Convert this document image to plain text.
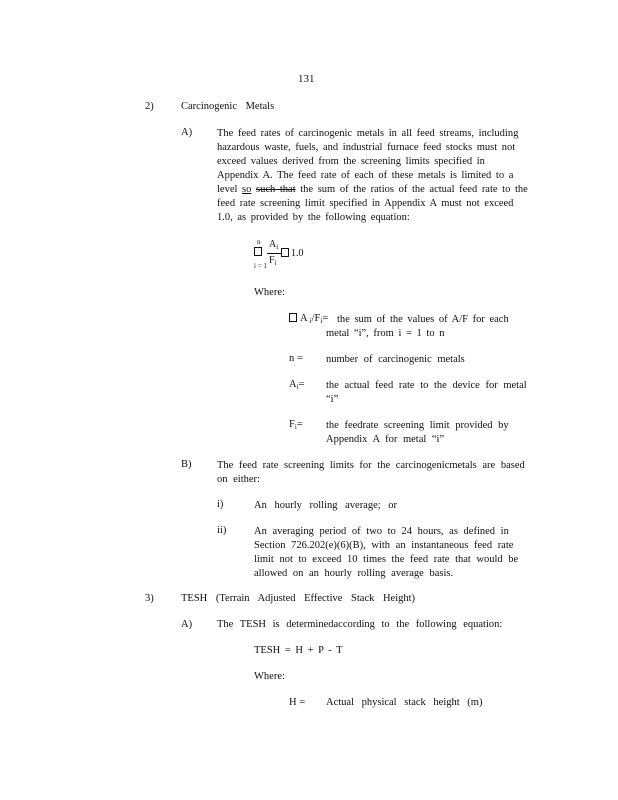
131
2)	Carcinogenic Metals
A) The feed rates of carcinogenic metals in all feed streams, including
hazardous waste, fuels, and industrial furnace feed stocks must not
exceed values derived from the screening limits specified in
Appendix A. The feed rate of each of these metals is limited to a
level so such that the sum of the ratios of the actual feed rate to the
feed rate screening limit specified in Appendix A must not exceed
1.0, as provided by the following equation:
n
i = 1
$A_i$
$F_i$
1.0
Where:
A $_i/F_i=$ the sum of the values of A/F for each
metal “i”, from i = 1 to n
n = number of carcinogenic metals
$A_i=$ the actual feed rate to the device for metal
“i”
$F_i=$ the feedrate screening limit provided by
Appendix A for metal “i”
B) The feed rate screening limits for the carcinogenicmetals are based
on either:
i)	An hourly rolling average; or
ii)	An averaging period of two to 24 hours, as defined in
Section 726.202(e)(6)(B), with an instantaneous feed rate
limit not to exceed 10 times the feed rate that would be
allowed on an hourly rolling average basis.
3)	TESH (Terrain Adjusted Effective Stack Height)
A) The TESH is determinedaccording to the following equation:
TESH = H + P - T
Where:
H = Actual physical stack height (m)
